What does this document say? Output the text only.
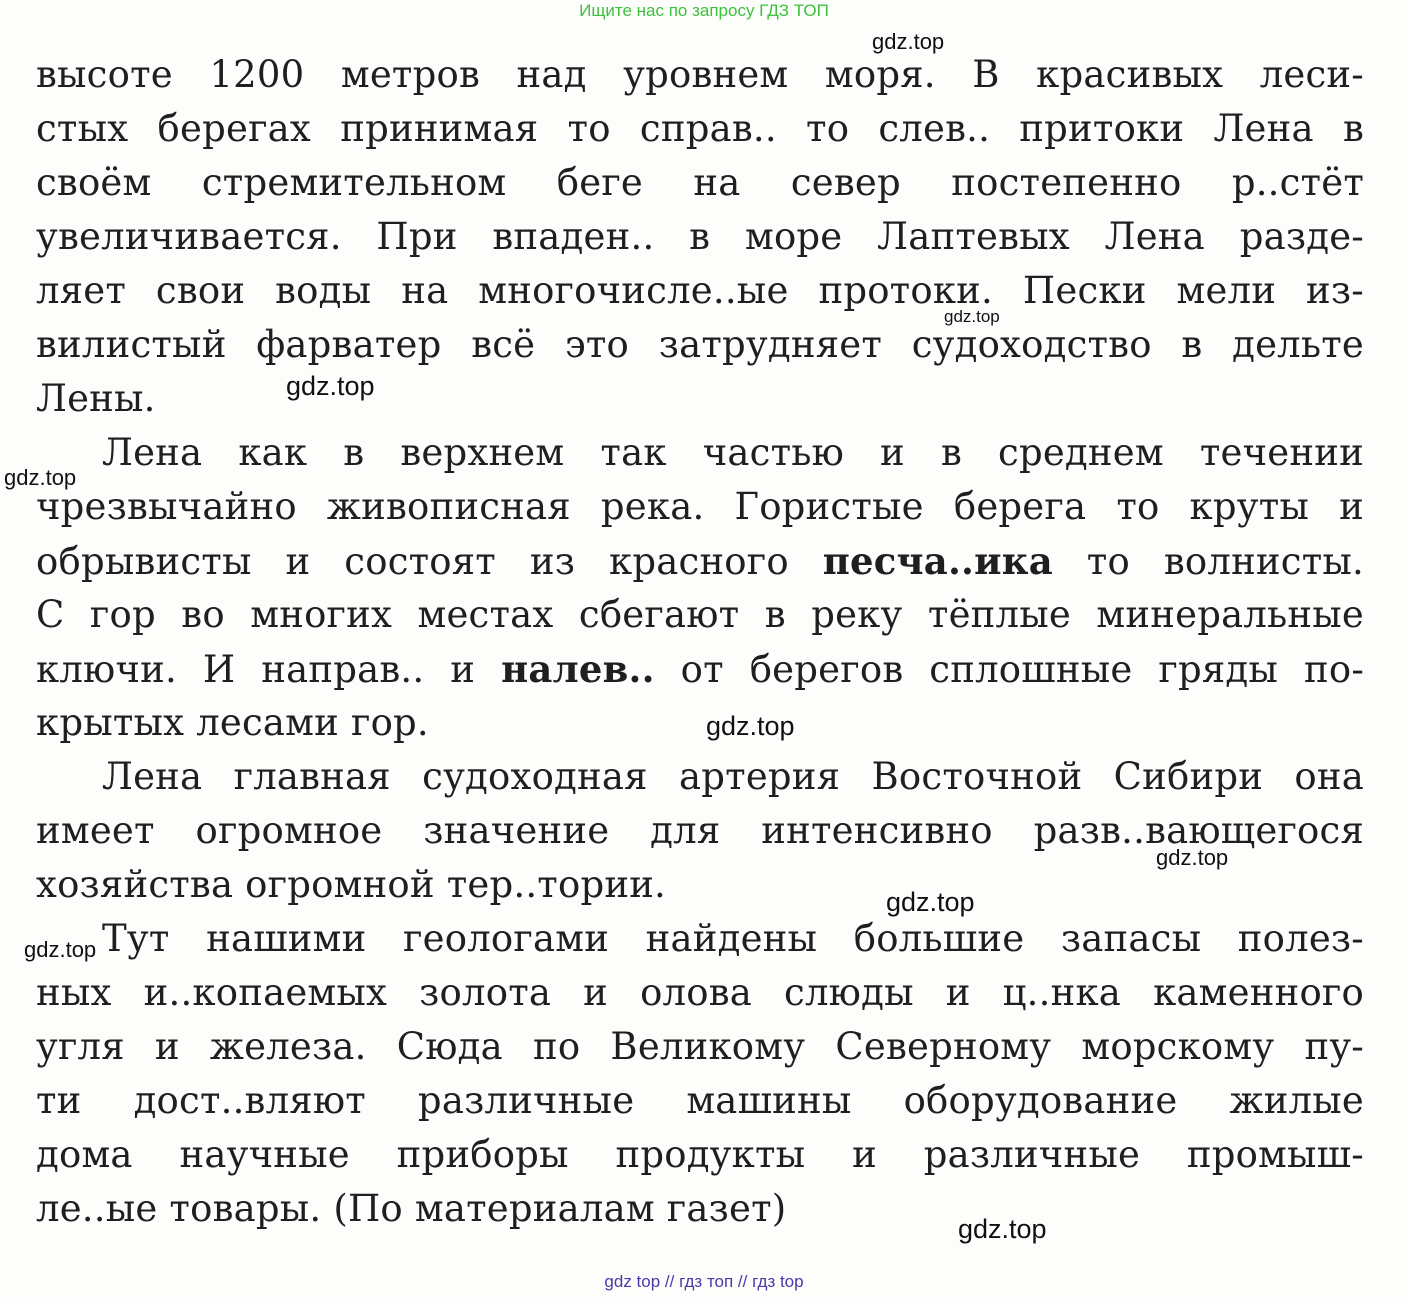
Ищите нас по запросу ГДЗ ТОП
высоте 1200 метров над уровнем моря. В красивых леси-
стых берегах принимая то справ.. то слев.. притоки Лена в
своём стремительном беге на север постепенно р..стёт
увеличивается. При впаден.. в море Лаптевых Лена разде-
ляет свои воды на многочисле..ые протоки. Пески мели из-
вилистый фарватер всё это затрудняет судоходство в дельте
Лены.
Лена как в верхнем так частью и в среднем течении
чрезвычайно живописная река. Гористые берега то круты и
обрывисты и состоят из красного песча..ика то волнисты.
С гор во многих местах сбегают в реку тёплые минеральные
ключи. И направ.. и налев.. от берегов сплошные гряды по-
крытых лесами гор.
Лена главная судоходная артерия Восточной Сибири она
имеет огромное значение для интенсивно разв..вающегося
хозяйства огромной тер..тории.
Тут нашими геологами найдены большие запасы полез-
ных и..копаемых золота и олова слюды и ц..нка каменного
угля и железа. Сюда по Великому Северному морскому пу-
ти дост..вляют различные машины оборудование жилые
дома научные приборы продукты и различные промыш-
ле..ые товары. (По материалам газет)
gdz.top
gdz.top
gdz.top
gdz.top
gdz.top
gdz.top
gdz.top
gdz.top
gdz.top
gdz top // гдз топ // гдз top
